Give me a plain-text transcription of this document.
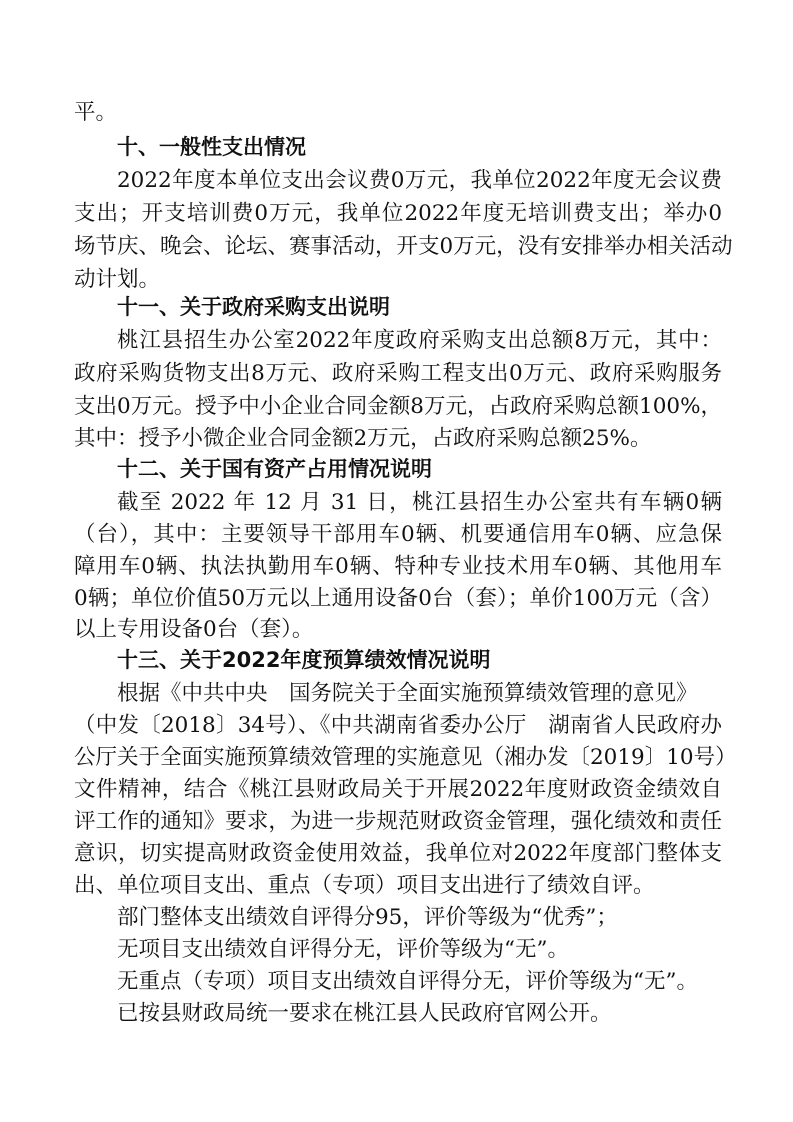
平。

十、一般性支出情况

2022年度本单位支出会议费0万元，我单位2022年度无会议费

支出；开支培训费0万元，我单位2022年度无培训费支出；举办0

场节庆、晚会、论坛、赛事活动，开支0万元，没有安排举办相关活动

动计划。

十一、关于政府采购支出说明

桃江县招生办公室2022年度政府采购支出总额8万元，其中：

政府采购货物支出8万元、政府采购工程支出0万元、政府采购服务

支出0万元。授予中小企业合同金额8万元，占政府采购总额100%，

其中：授予小微企业合同金额2万元，占政府采购总额25%。

十二、关于国有资产占用情况说明

截至 2022 年 12 月 31 日，桃江县招生办公室共有车辆0辆

（台），其中：主要领导干部用车0辆、机要通信用车0辆、应急保

障用车0辆、执法执勤用车0辆、特种专业技术用车0辆、其他用车

0辆；单位价值50万元以上通用设备0台（套）；单价100万元（含）

以上专用设备0台（套）。

十三、关于2022年度预算绩效情况说明

根据《中共中央　国务院关于全面实施预算绩效管理的意见》

（中发〔2018〕34号）、《中共湖南省委办公厅　湖南省人民政府办

公厅关于全面实施预算绩效管理的实施意见（湘办发〔2019〕10号）

文件精神，结合《桃江县财政局关于开展2022年度财政资金绩效自

评工作的通知》要求，为进一步规范财政资金管理，强化绩效和责任

意识，切实提高财政资金使用效益，我单位对2022年度部门整体支

出、单位项目支出、重点（专项）项目支出进行了绩效自评。

部门整体支出绩效自评得分95，评价等级为“优秀”；

无项目支出绩效自评得分无，评价等级为“无”。

无重点（专项）项目支出绩效自评得分无，评价等级为“无”。

已按县财政局统一要求在桃江县人民政府官网公开。
